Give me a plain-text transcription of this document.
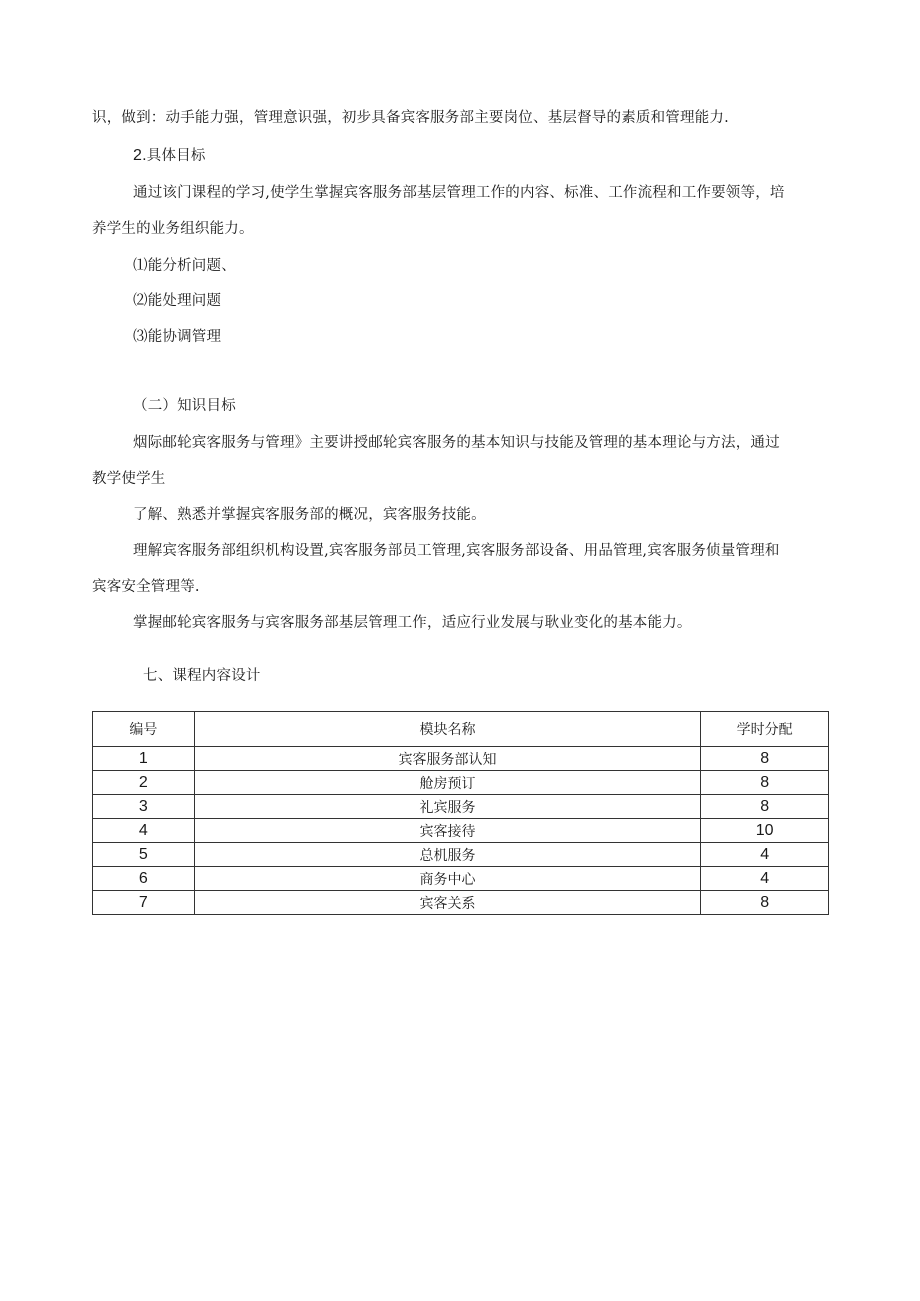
识，做到：动手能力强，管理意识强，初步具备宾客服务部主要岗位、基层督导的素质和管理能力.
2.具体目标
通过该门课程的学习,使学生掌握宾客服务部基层管理工作的内容、标准、工作流程和工作要领等，培
养学生的业务组织能力。
⑴能分析问题、
⑵能处理问题
⑶能协调管理
（二）知识目标
烟际邮轮宾客服务与管理》主要讲授邮轮宾客服务的基本知识与技能及管理的基本理论与方法，通过
教学使学生
了解、熟悉并掌握宾客服务部的概况，宾客服务技能。
理解宾客服务部组织机构设置,宾客服务部员工管理,宾客服务部设备、用品管理,宾客服务侦量管理和
宾客安全管理等.
掌握邮轮宾客服务与宾客服务部基层管理工作，适应行业发展与耿业变化的基本能力。
七、课程内容设计
编号	模块名称	学时分配
1	宾客服务部认知	8
2	舱房预订	8
3	礼宾服务	8
4	宾客接待	10
5	总机服务	4
6	商务中心	4
7	宾客关系	8
